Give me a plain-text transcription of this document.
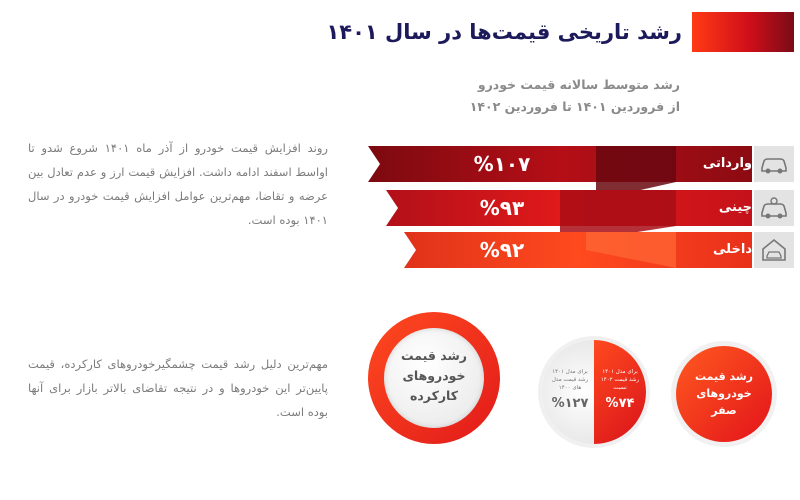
رشد تاریخی قیمت‌ها در سال ۱۴۰۱
رشد متوسط سالانه قیمت خودرو
از فروردین ۱۴۰۱ تا فروردین ۱۴۰۲
روند افزایش قیمت خودرو از آذر ماه ۱۴۰۱ شروع شدو تا اواسط اسفند ادامه داشت. افزایش قیمت ارز و عدم تعادل بین عرضه و تقاضا، مهم‌ترین عوامل افزایش قیمت خودرو در سال ۱۴۰۱ بوده است.
مهم‌ترین دلیل رشد قیمت چشمگیرخودروهای کارکرده، قیمت پایین‌تر این خودروها و در نتیجه تقاضای بالاتر بازار برای آنها بوده است.
%۱۰۷	وارداتی
%۹۳	چینی
%۹۲	داخلی
رشد قیمت
خودروهای
کارکرده
برای مدل ۱۴۰۱ رشد قیمت مدل های ۱۴۰۰
برای مدل ۱۴۰۱ رشد قیمت ۱۴۰۲ نسبت
%۱۲۷	%۷۴
رشد قیمت
خودروهای
صفر
